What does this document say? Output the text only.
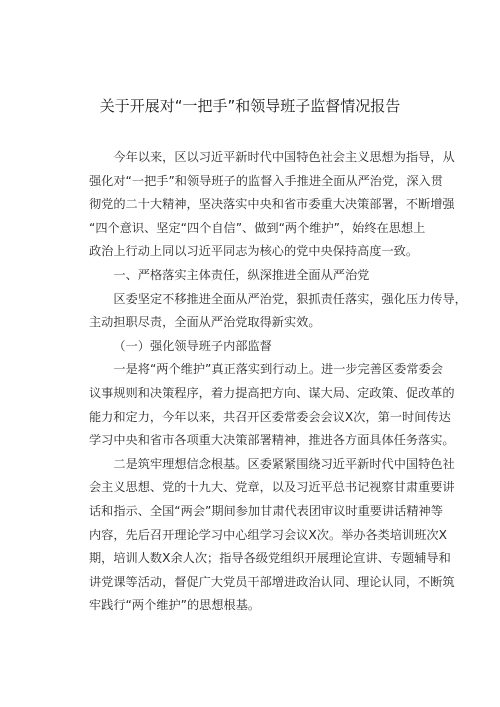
关于开展对“一把手”和领导班子监督情况报告
今年以来，区以习近平新时代中国特色社会主义思想为指导，从
强化对“一把手”和领导班子的监督入手推进全面从严治党，深入贯
彻党的二十大精神，坚决落实中央和省市委重大决策部署，不断增强
“四个意识、坚定“四个自信”、做到“两个维护”，始终在思想上
政治上行动上同以习近平同志为核心的党中央保持高度一致。
一、严格落实主体责任，纵深推进全面从严治党
区委坚定不移推进全面从严治党，狠抓责任落实，强化压力传导，
主动担职尽责，全面从严治党取得新实效。
（一）强化领导班子内部监督
一是将“两个维护”真正落实到行动上。进一步完善区委常委会
议事规则和决策程序，着力提高把方向、谋大局、定政策、促改革的
能力和定力，今年以来，共召开区委常委会会议X次，第一时间传达
学习中央和省市各项重大决策部署精神，推进各方面具体任务落实。
二是筑牢理想信念根基。区委紧紧围绕习近平新时代中国特色社
会主义思想、党的十九大、党章，以及习近平总书记视察甘肃重要讲
话和指示、全国“两会”期间参加甘肃代表团审议时重要讲话精神等
内容，先后召开理论学习中心组学习会议X次。举办各类培训班次X
期，培训人数X余人次；指导各级党组织开展理论宣讲、专题辅导和
讲党课等活动，督促广大党员干部增进政治认同、理论认同，不断筑
牢践行“两个维护”的思想根基。
